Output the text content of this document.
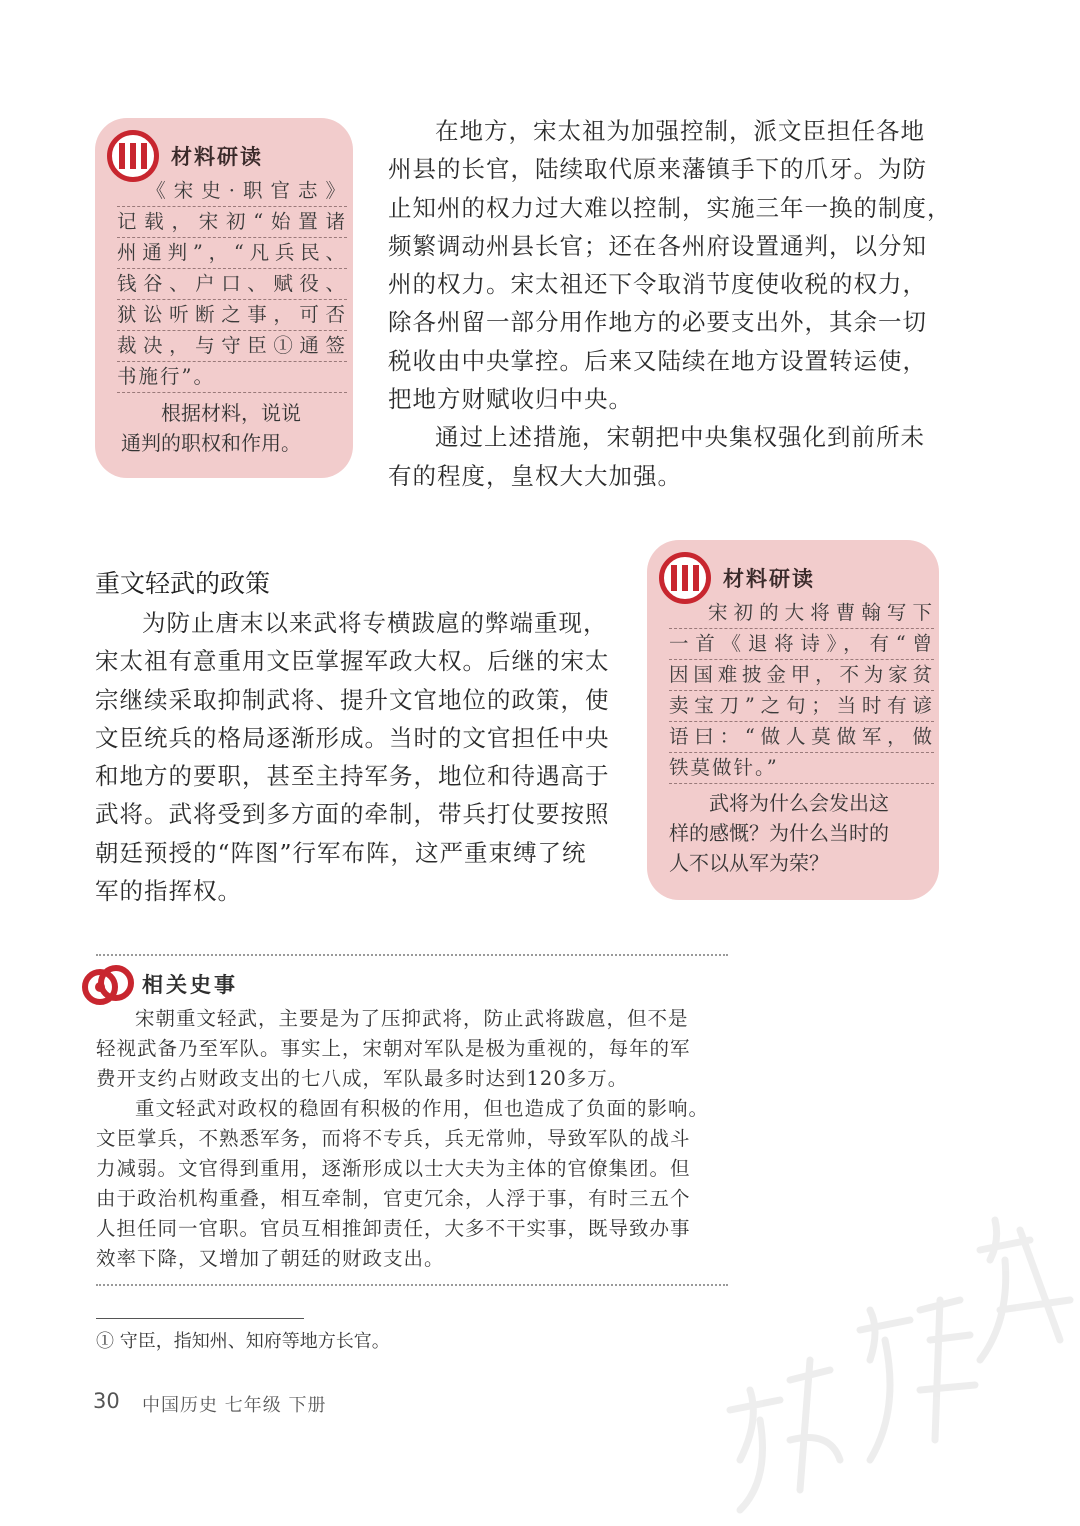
材料研读
《宋史·职官志》
记载，宋初“始置诸
州通判”，“凡兵民、
钱谷、户口、赋役、
狱讼听断之事，可否
裁决，与守臣①通签
书施行”。
根据材料，说说
通判的职权和作用。
在地方，宋太祖为加强控制，派文臣担任各地
州县的长官，陆续取代原来藩镇手下的爪牙。为防
止知州的权力过大难以控制，实施三年一换的制度，
频繁调动州县长官；还在各州府设置通判，以分知
州的权力。宋太祖还下令取消节度使收税的权力，
除各州留一部分用作地方的必要支出外，其余一切
税收由中央掌控。后来又陆续在地方设置转运使，
把地方财赋收归中央。
通过上述措施，宋朝把中央集权强化到前所未
有的程度，皇权大大加强。
重文轻武的政策
为防止唐末以来武将专横跋扈的弊端重现，
宋太祖有意重用文臣掌握军政大权。后继的宋太
宗继续采取抑制武将、提升文官地位的政策，使
文臣统兵的格局逐渐形成。当时的文官担任中央
和地方的要职，甚至主持军务，地位和待遇高于
武将。武将受到多方面的牵制，带兵打仗要按照
朝廷预授的“阵图”行军布阵，这严重束缚了统
军的指挥权。
材料研读
宋初的大将曹翰写下
一首《退将诗》，有“曾
因国难披金甲，不为家贫
卖宝刀”之句；当时有谚
语曰：“做人莫做军，做
铁莫做针。”
武将为什么会发出这
样的感慨？为什么当时的
人不以从军为荣？
相关史事
宋朝重文轻武，主要是为了压抑武将，防止武将跋扈，但不是
轻视武备乃至军队。事实上，宋朝对军队是极为重视的，每年的军
费开支约占财政支出的七八成，军队最多时达到120多万。
重文轻武对政权的稳固有积极的作用，但也造成了负面的影响。
文臣掌兵，不熟悉军务，而将不专兵，兵无常帅，导致军队的战斗
力减弱。文官得到重用，逐渐形成以士大夫为主体的官僚集团。但
由于政治机构重叠，相互牵制，官吏冗余，人浮于事，有时三五个
人担任同一官职。官员互相推卸责任，大多不干实事，既导致办事
效率下降，又增加了朝廷的财政支出。
① 守臣，指知州、知府等地方长官。
30 中国历史 七年级 下册
